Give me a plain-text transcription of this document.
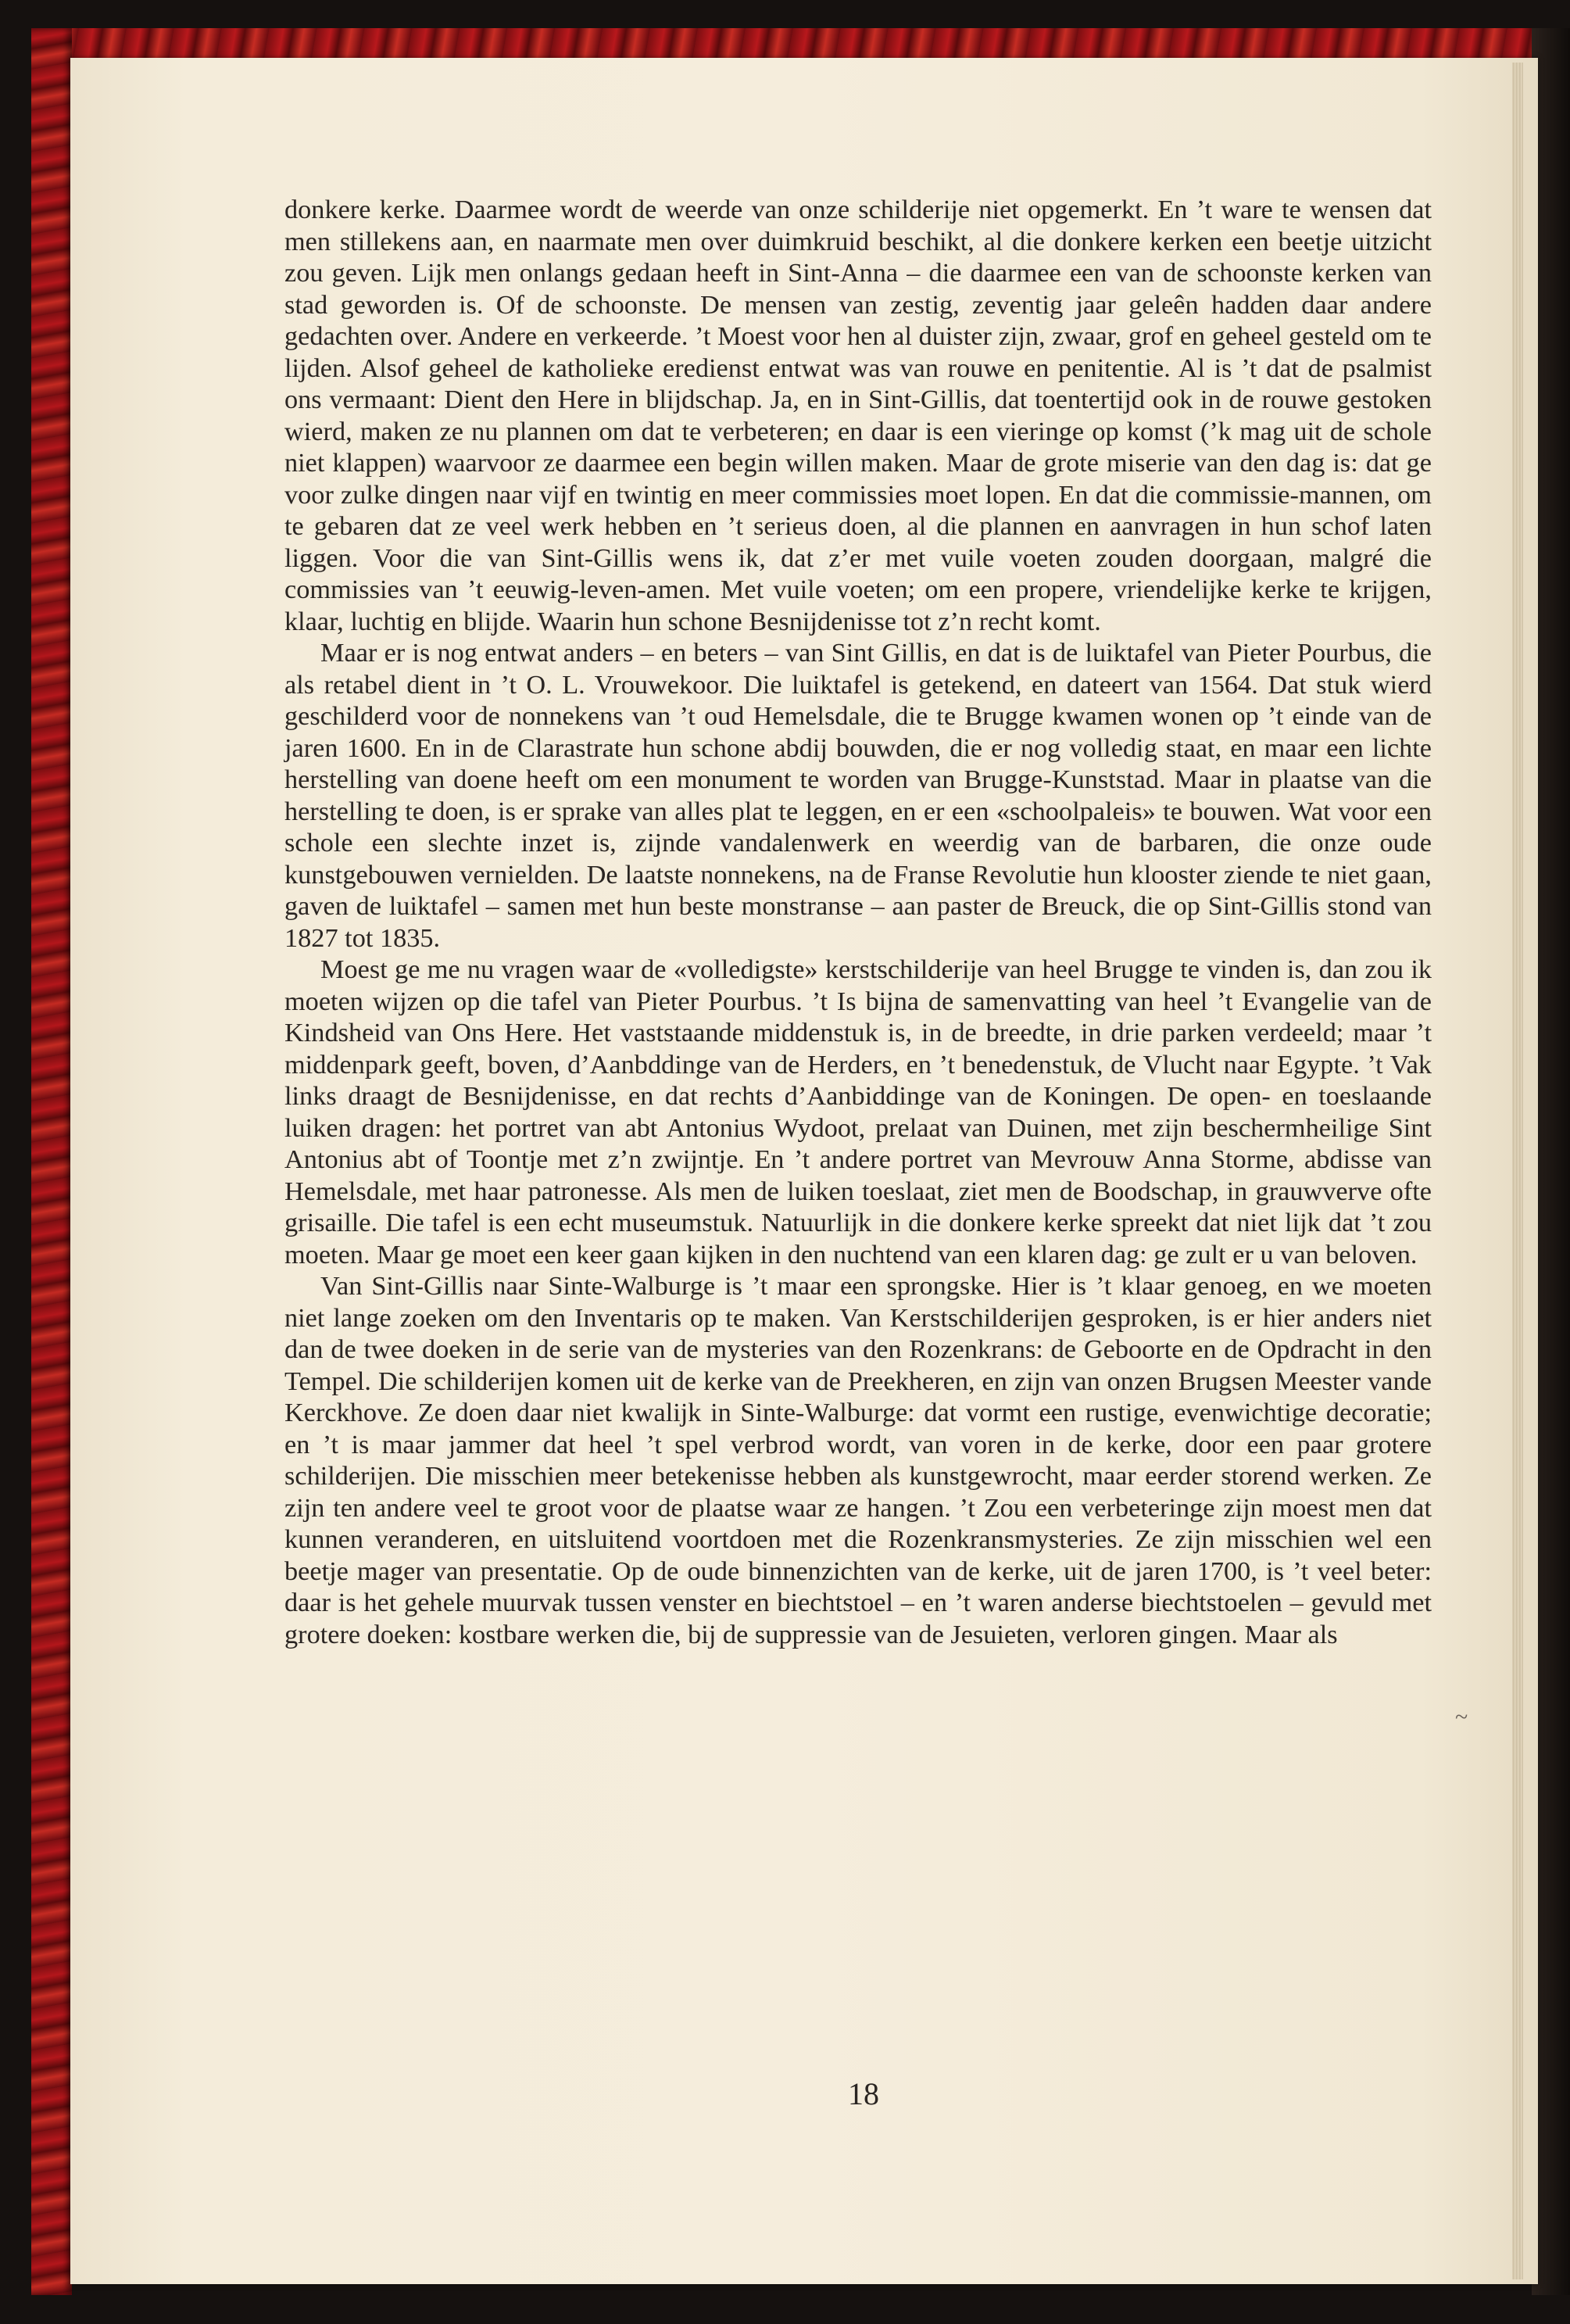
donkere kerke. Daarmee wordt de weerde van onze schilderije niet opgemerkt. En ’t ware te wensen dat men stillekens aan, en naarmate men over duimkruid beschikt, al die donkere kerken een beetje uitzicht zou geven. Lijk men onlangs gedaan heeft in Sint-Anna – die daarmee een van de schoonste kerken van stad geworden is. Of de schoonste. De mensen van zestig, zeventig jaar geleên hadden daar andere gedachten over. Andere en verkeerde. ’t Moest voor hen al duister zijn, zwaar, grof en geheel gesteld om te lijden. Alsof geheel de katholieke eredienst entwat was van rouwe en penitentie. Al is ’t dat de psalmist ons vermaant: Dient den Here in blijdschap. Ja, en in Sint-Gillis, dat toentertijd ook in de rouwe gestoken wierd, maken ze nu plannen om dat te verbeteren; en daar is een vieringe op komst (’k mag uit de schole niet klappen) waarvoor ze daarmee een begin willen maken. Maar de grote miserie van den dag is: dat ge voor zulke dingen naar vijf en twintig en meer commissies moet lopen. En dat die commissie-mannen, om te gebaren dat ze veel werk hebben en ’t serieus doen, al die plannen en aanvragen in hun schof laten liggen. Voor die van Sint-Gillis wens ik, dat z’er met vuile voeten zouden doorgaan, malgré die commissies van ’t eeuwig-leven-amen. Met vuile voeten; om een propere, vriendelijke kerke te krijgen, klaar, luchtig en blijde. Waarin hun schone Besnijdenisse tot z’n recht komt.

Maar er is nog entwat anders – en beters – van Sint Gillis, en dat is de luiktafel van Pieter Pourbus, die als retabel dient in ’t O. L. Vrouwekoor. Die luiktafel is getekend, en dateert van 1564. Dat stuk wierd geschilderd voor de nonnekens van ’t oud Hemelsdale, die te Brugge kwamen wonen op ’t einde van de jaren 1600. En in de Clarastrate hun schone abdij bouwden, die er nog volledig staat, en maar een lichte herstelling van doene heeft om een monument te worden van Brugge-Kunststad. Maar in plaatse van die herstelling te doen, is er sprake van alles plat te leggen, en er een «schoolpaleis» te bouwen. Wat voor een schole een slechte inzet is, zijnde vandalenwerk en weerdig van de barbaren, die onze oude kunstgebouwen vernielden. De laatste nonnekens, na de Franse Revolutie hun klooster ziende te niet gaan, gaven de luiktafel – samen met hun beste monstranse – aan paster de Breuck, die op Sint-Gillis stond van 1827 tot 1835.

Moest ge me nu vragen waar de «volledigste» kerstschilderije van heel Brugge te vinden is, dan zou ik moeten wijzen op die tafel van Pieter Pourbus. ’t Is bijna de samenvatting van heel ’t Evangelie van de Kindsheid van Ons Here. Het vaststaande middenstuk is, in de breedte, in drie parken verdeeld; maar ’t middenpark geeft, boven, d’Aanbddinge van de Herders, en ’t benedenstuk, de Vlucht naar Egypte. ’t Vak links draagt de Besnijdenisse, en dat rechts d’Aanbiddinge van de Koningen. De open- en toeslaande luiken dragen: het portret van abt Antonius Wydoot, prelaat van Duinen, met zijn beschermheilige Sint Antonius abt of Toontje met z’n zwijntje. En ’t andere portret van Mevrouw Anna Storme, abdisse van Hemelsdale, met haar patronesse. Als men de luiken toeslaat, ziet men de Boodschap, in grauwverve ofte grisaille. Die tafel is een echt museumstuk. Natuurlijk in die donkere kerke spreekt dat niet lijk dat ’t zou moeten. Maar ge moet een keer gaan kijken in den nuchtend van een klaren dag: ge zult er u van beloven.

Van Sint-Gillis naar Sinte-Walburge is ’t maar een sprongske. Hier is ’t klaar genoeg, en we moeten niet lange zoeken om den Inventaris op te maken. Van Kerstschilderijen gesproken, is er hier anders niet dan de twee doeken in de serie van de mysteries van den Rozenkrans: de Geboorte en de Opdracht in den Tempel. Die schilderijen komen uit de kerke van de Preekheren, en zijn van onzen Brugsen Meester vande Kerckhove. Ze doen daar niet kwalijk in Sinte-Walburge: dat vormt een rustige, evenwichtige decoratie; en ’t is maar jammer dat heel ’t spel verbrod wordt, van voren in de kerke, door een paar grotere schilderijen. Die misschien meer betekenisse hebben als kunstgewrocht, maar eerder storend werken. Ze zijn ten andere veel te groot voor de plaatse waar ze hangen. ’t Zou een verbeteringe zijn moest men dat kunnen veranderen, en uitsluitend voortdoen met die Rozenkransmysteries. Ze zijn misschien wel een beetje mager van presentatie. Op de oude binnenzichten van de kerke, uit de jaren 1700, is ’t veel beter: daar is het gehele muurvak tussen venster en biechtstoel – en ’t waren anderse biechtstoelen – gevuld met grotere doeken: kostbare werken die, bij de suppressie van de Jesuieten, verloren gingen. Maar als

~
18
